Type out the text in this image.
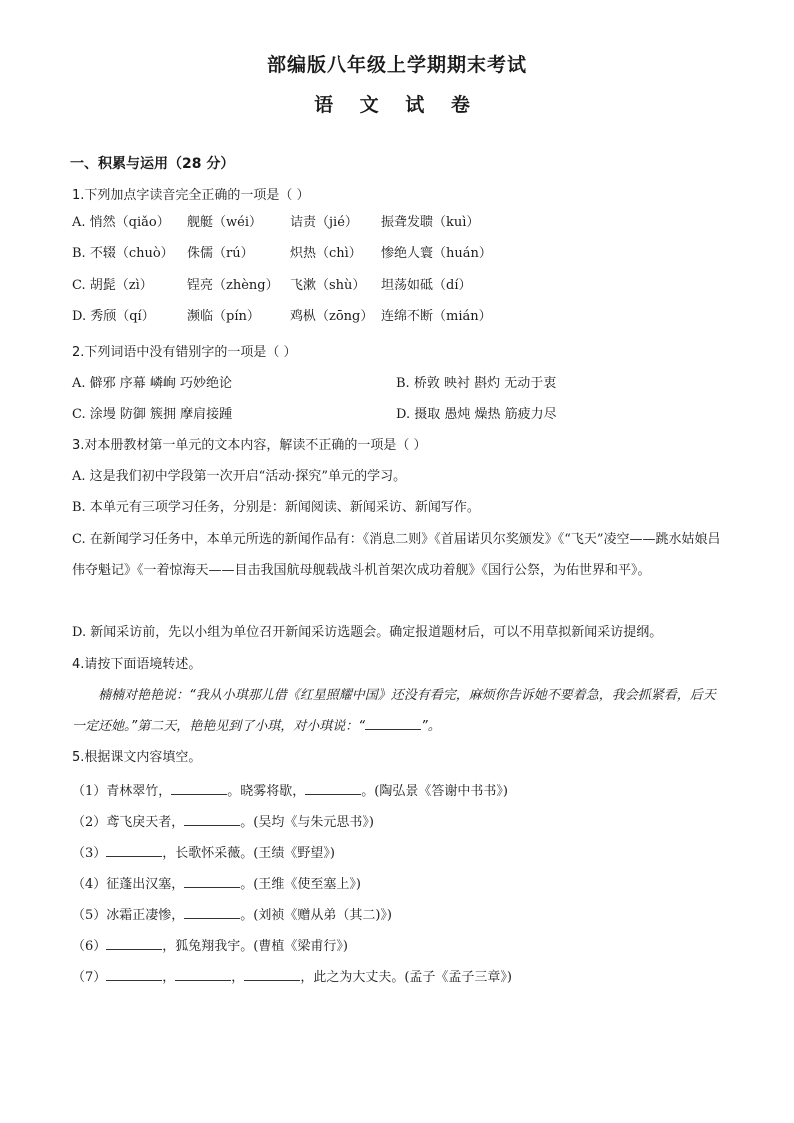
部编版八年级上学期期末考试
语 文 试 卷
一、积累与运用（28 分）
1.下列加点字读音完全正确的一项是（ ）
A. 悄然（qiǎo） 舰艇（wéi） 诘责（jié） 振聋发聩（kuì）
B. 不辍（chuò） 侏儒（rú）	炽热（chì） 惨绝人寰（huán）
C. 胡髭（zì）	锃亮（zhèng） 飞漱（shù） 坦荡如砥（dí）
D. 秀颀（qí） 濒临（pín） 鸡枞（zōng） 连绵不断（mián）
2.下列词语中没有错别字的一项是（ ）
A. 僻邪 序幕 嶙峋 巧妙绝论	B. 桥敦 映衬 斟灼 无动于衷
C. 涂墁 防御 簇拥 摩肩接踵	D. 摄取 愚炖 燥热 筋疲力尽
3.对本册教材第一单元的文本内容，解读不正确的一项是（ ）
A. 这是我们初中学段第一次开启“活动·探究”单元的学习。
B. 本单元有三项学习任务，分别是：新闻阅读、新闻采访、新闻写作。
C. 在新闻学习任务中，本单元所选的新闻作品有：《消息二则》《首届诺贝尔奖颁发》《“飞天”凌空——跳水姑娘吕伟夺魁记》《一着惊海天——目击我国航母舰载战斗机首架次成功着舰》《国行公祭，为佑世界和平》。
D. 新闻采访前，先以小组为单位召开新闻采访选题会。确定报道题材后，可以不用草拟新闻采访提纲。
4.请按下面语境转述。
楠楠对艳艳说：“我从小琪那儿借《红星照耀中国》还没有看完，麻烦你告诉她不要着急，我会抓紧看，后天一定还她。”第二天，艳艳见到了小琪，对小琪说：“	”。
5.根据课文内容填空。
（1）青林翠竹，	。晓雾将歇，	。(陶弘景《答谢中书书》)
（2）鸢飞戾天者，	。(吴均《与朱元思书》)
（3）	，长歌怀采薇。(王绩《野望》)
（4）征蓬出汉塞，	。(王维《使至塞上》)
（5）冰霜正凄惨，	。(刘祯《赠从弟（其二)》)
（6）	，狐兔翔我宇。(曹植《梁甫行》)
（7）	，	，	，此之为大丈夫。(孟子《孟子三章》)
